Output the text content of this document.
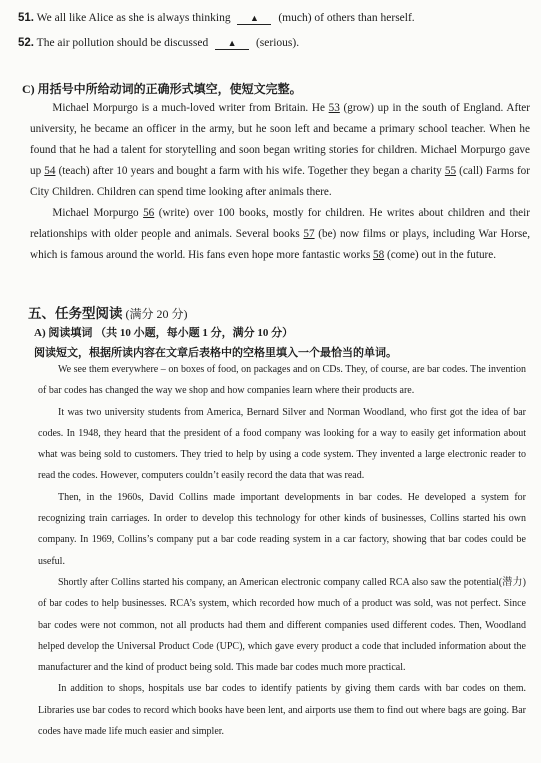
51. We all like Alice as she is always thinking ▲ (much) of others than herself.
52. The air pollution should be discussed ▲ (serious).
C) 用括号中所给动词的正确形式填空，使短文完整。

Michael Morpurgo is a much-loved writer from Britain. He 53 (grow) up in the south of England. After university, he became an officer in the army, but he soon left and became a primary school teacher. When he found that he had a talent for storytelling and soon began writing stories for children. Michael Morpurgo gave up 54 (teach) after 10 years and bought a farm with his wife. Together they began a charity 55 (call) Farms for City Children. Children can spend time looking after animals there.

Michael Morpurgo 56 (write) over 100 books, mostly for children. He writes about children and their relationships with older people and animals. Several books 57 (be) now films or plays, including War Horse, which is famous around the world. His fans even hope more fantastic works 58 (come) out in the future.

五、任务型阅读 (满分 20 分)
A) 阅读填词 （共 10 小题，每小题 1 分，满分 10 分）
阅读短文，根据所读内容在文章后表格中的空格里填入一个最恰当的单词。

We see them everywhere – on boxes of food, on packages and on CDs. They, of course, are bar codes. The invention of bar codes has changed the way we shop and how companies learn where their products are.

It was two university students from America, Bernard Silver and Norman Woodland, who first got the idea of bar codes. In 1948, they heard that the president of a food company was looking for a way to easily get information about what was being sold to customers. They tried to help by using a code system. They invented a large electronic reader to read the codes. However, computers couldn’t easily record the data that was read.

Then, in the 1960s, David Collins made important developments in bar codes. He developed a system for recognizing train carriages. In order to develop this technology for other kinds of businesses, Collins started his own company. In 1969, Collins’s company put a bar code reading system in a car factory, showing that bar codes could be useful.

Shortly after Collins started his company, an American electronic company called RCA also saw the potential(潜力) of bar codes to help businesses. RCA’s system, which recorded how much of a product was sold, was not perfect. Since bar codes were not common, not all products had them and different companies used different codes. Then, Woodland helped develop the Universal Product Code (UPC), which gave every product a code that included information about the manufacturer and the kind of product being sold. This made bar codes much more practical.

In addition to shops, hospitals use bar codes to identify patients by giving them cards with bar codes on them. Libraries use bar codes to record which books have been lent, and airports use them to find out where bags are going. Bar codes have made life much easier and simpler.
